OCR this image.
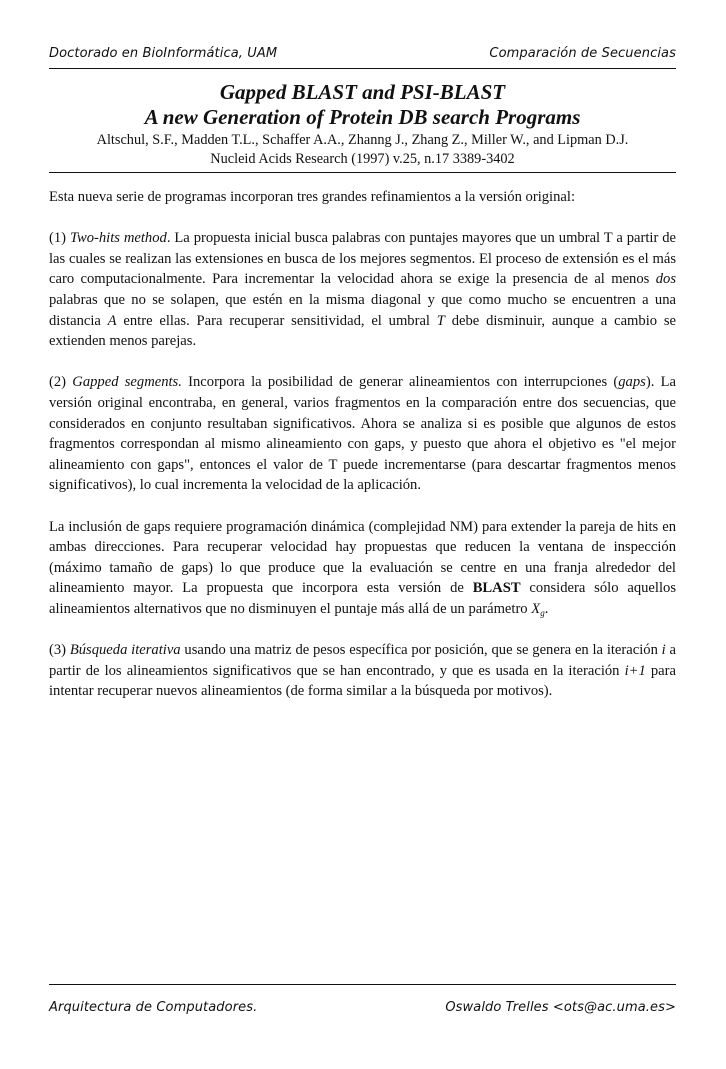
Doctorado en BioInformática, UAM	Comparación de Secuencias
Gapped BLAST and PSI-BLAST
A new Generation of Protein DB search Programs
Altschul, S.F., Madden T.L., Schaffer A.A., Zhanng J., Zhang Z., Miller W., and Lipman D.J.
Nucleid Acids Research (1997) v.25, n.17 3389-3402

Esta nueva serie de programas incorporan tres grandes refinamientos a la versión original:

(1) Two-hits method. La propuesta inicial busca palabras con puntajes mayores que un umbral T a partir de las cuales se realizan las extensiones en busca de los mejores segmentos. El proceso de extensión es el más caro computacionalmente. Para incrementar la velocidad ahora se exige la presencia de al menos dos palabras que no se solapen, que estén en la misma diagonal y que como mucho se encuentren a una distancia A entre ellas. Para recuperar sensitividad, el umbral T debe disminuir, aunque a cambio se extienden menos parejas.

(2) Gapped segments. Incorpora la posibilidad de generar alineamientos con interrupciones (gaps). La versión original encontraba, en general, varios fragmentos en la comparación entre dos secuencias, que considerados en conjunto resultaban significativos. Ahora se analiza si es posible que algunos de estos fragmentos correspondan al mismo alineamiento con gaps, y puesto que ahora el objetivo es "el mejor alineamiento con gaps", entonces el valor de T puede incrementarse (para descartar fragmentos menos significativos), lo cual incrementa la velocidad de la aplicación.

La inclusión de gaps requiere programación dinámica (complejidad NM) para extender la pareja de hits en ambas direcciones. Para recuperar velocidad hay propuestas que reducen la ventana de inspección (máximo tamaño de gaps) lo que produce que la evaluación se centre en una franja alrededor del alineamiento mayor. La propuesta que incorpora esta versión de BLAST considera sólo aquellos alineamientos alternativos que no disminuyen el puntaje más allá de un parámetro $X_g$.

(3) Búsqueda iterativa usando una matriz de pesos específica por posición, que se genera en la iteración i a partir de los alineamientos significativos que se han encontrado, y que es usada en la iteración i+1 para intentar recuperar nuevos alineamientos (de forma similar a la búsqueda por motivos).

Arquitectura de Computadores.	Oswaldo Trelles <ots@ac.uma.es>
